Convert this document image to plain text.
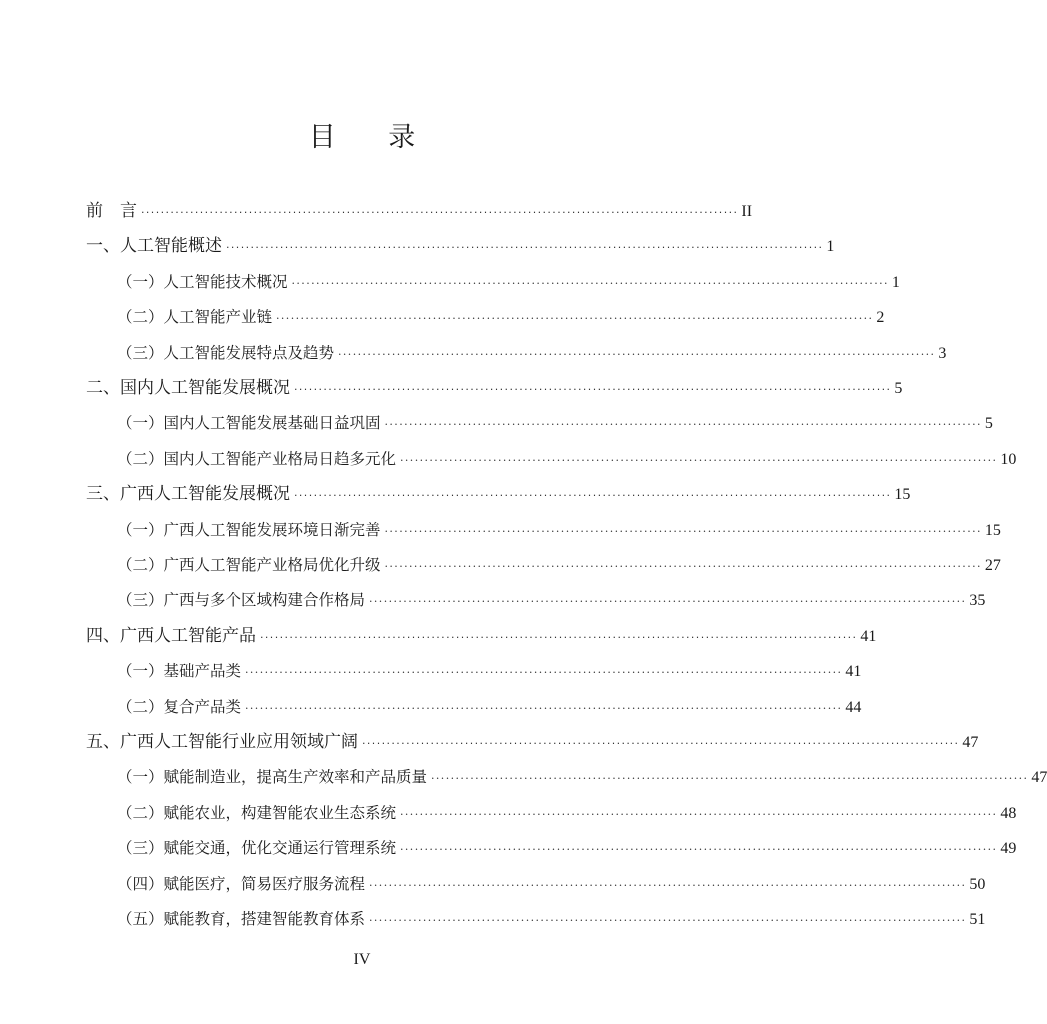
目 录
前　言 ·························································································································· II
一、人工智能概述 ·························································································································· 1
（一）人工智能技术概况 ·························································································································· 1
（二）人工智能产业链 ·························································································································· 2
（三）人工智能发展特点及趋势 ·························································································································· 3
二、国内人工智能发展概况 ·························································································································· 5
（一）国内人工智能发展基础日益巩固 ·························································································································· 5
（二）国内人工智能产业格局日趋多元化 ·························································································································· 10
三、广西人工智能发展概况 ·························································································································· 15
（一）广西人工智能发展环境日渐完善 ·························································································································· 15
（二）广西人工智能产业格局优化升级 ·························································································································· 27
（三）广西与多个区域构建合作格局 ·························································································································· 35
四、广西人工智能产品 ·························································································································· 41
（一）基础产品类 ·························································································································· 41
（二）复合产品类 ·························································································································· 44
五、广西人工智能行业应用领域广阔 ·························································································································· 47
（一）赋能制造业，提高生产效率和产品质量 ·························································································································· 47
（二）赋能农业，构建智能农业生态系统 ·························································································································· 48
（三）赋能交通，优化交通运行管理系统 ·························································································································· 49
（四）赋能医疗，简易医疗服务流程 ·························································································································· 50
（五）赋能教育，搭建智能教育体系 ·························································································································· 51
IV
